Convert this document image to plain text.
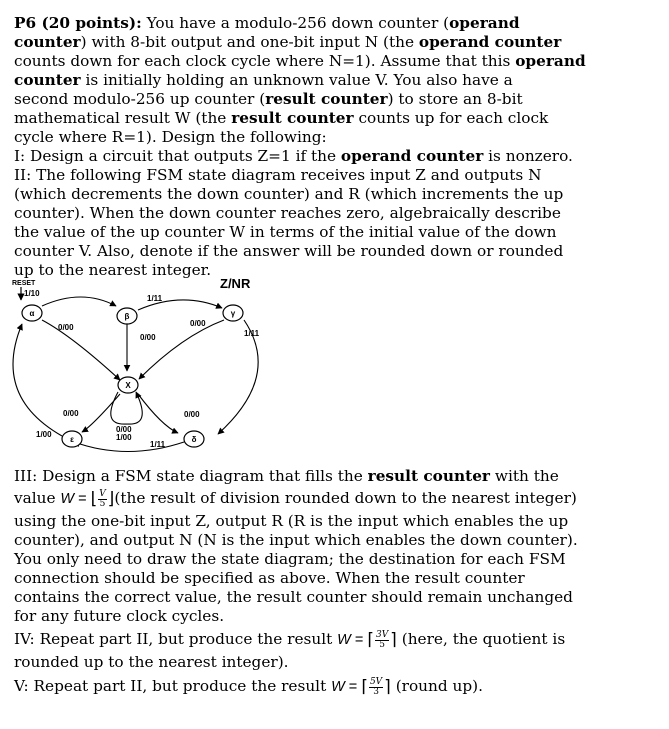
P6 (20 points): You have a modulo-256 down counter (operand
counter) with 8-bit output and one-bit input N (the operand counter
counts down for each clock cycle where N=1). Assume that this operand
counter is initially holding an unknown value V. You also have a
second modulo-256 up counter (result counter) to store an 8-bit
mathematical result W (the result counter counts up for each clock
cycle where R=1). Design the following:
I: Design a circuit that outputs Z=1 if the operand counter is nonzero.
II: The following FSM state diagram receives input Z and outputs N
(which decrements the down counter) and R (which increments the up
counter). When the down counter reaches zero, algebraically describe
the value of the up counter W in terms of the initial value of the down
counter V. Also, denote if the answer will be rounded down or rounded
up to the nearest integer.
III: Design a FSM state diagram that fills the result counter with the
value W = ⌊ $\frac{V}{5}$ ⌋(the result of division rounded down to the nearest integer)
using the one-bit input Z, output R (R is the input which enables the up
counter), and output N (N is the input which enables the down counter).
You only need to draw the state diagram; the destination for each FSM
connection should be specified as above. When the result counter
contains the correct value, the result counter should remain unchanged
for any future clock cycles.
IV: Repeat part II, but produce the result W = ⌈ $\frac{3V}{5}$ ⌉ (here, the quotient is
rounded up to the nearest integer).
V: Repeat part II, but produce the result W = ⌈ $\frac{5V}{3}$ ⌉ (round up).
Z/NR
RESET
α	β	γ
X
ε	δ
1/10
1/11
0/00
0/00
0/00
1/11
0/00	0/00
0/00
1/00
1/00
1/11
